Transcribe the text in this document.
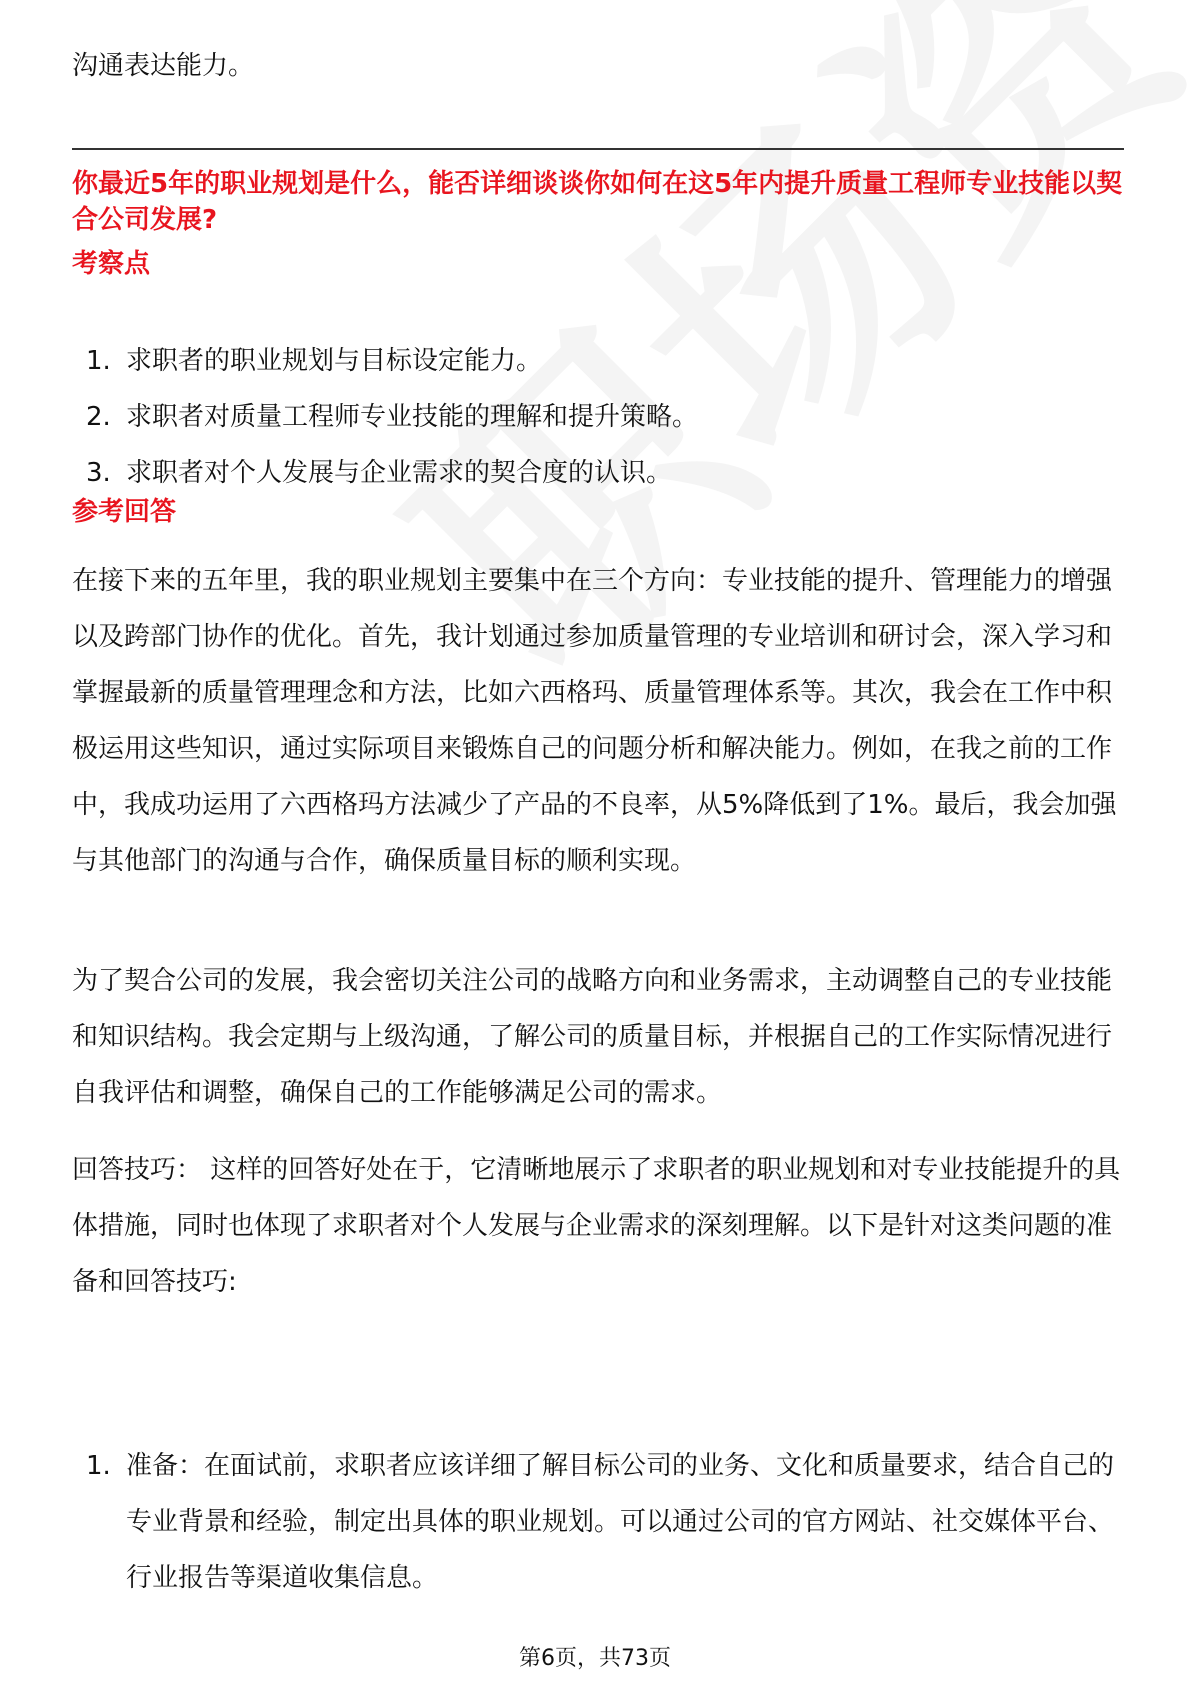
沟通表达能力。

你最近5年的职业规划是什么，能否详细谈谈你如何在这5年内提升质量工程师专业技能以契合公司发展?

考察点

1. 求职者的职业规划与目标设定能力。
2. 求职者对质量工程师专业技能的理解和提升策略。
3. 求职者对个人发展与企业需求的契合度的认识。

参考回答

在接下来的五年里，我的职业规划主要集中在三个方向：专业技能的提升、管理能力的增强以及跨部门协作的优化。首先，我计划通过参加质量管理的专业培训和研讨会，深入学习和掌握最新的质量管理理念和方法，比如六西格玛、质量管理体系等。其次，我会在工作中积极运用这些知识，通过实际项目来锻炼自己的问题分析和解决能力。例如，在我之前的工作中，我成功运用了六西格玛方法减少了产品的不良率，从5%降低到了1%。最后，我会加强与其他部门的沟通与合作，确保质量目标的顺利实现。

为了契合公司的发展，我会密切关注公司的战略方向和业务需求，主动调整自己的专业技能和知识结构。我会定期与上级沟通，了解公司的质量目标，并根据自己的工作实际情况进行自我评估和调整，确保自己的工作能够满足公司的需求。

回答技巧： 这样的回答好处在于，它清晰地展示了求职者的职业规划和对专业技能提升的具体措施，同时也体现了求职者对个人发展与企业需求的深刻理解。以下是针对这类问题的准备和回答技巧:

1. 准备：在面试前，求职者应该详细了解目标公司的业务、文化和质量要求，结合自己的专业背景和经验，制定出具体的职业规划。可以通过公司的官方网站、社交媒体平台、行业报告等渠道收集信息。
第6页，共73页
